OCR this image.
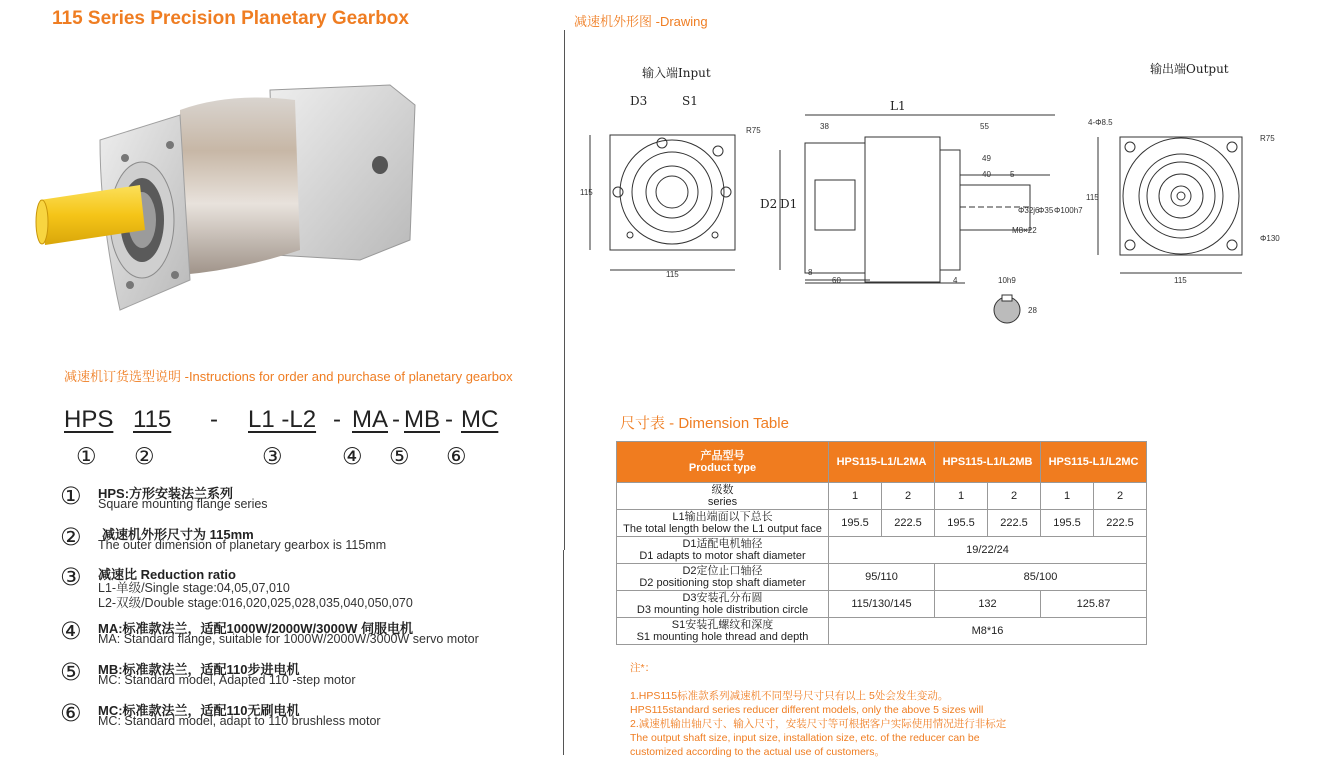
115 Series Precision Planetary Gearbox	减速机外形图 -Drawing
输入端Input	输出端Output
D3	S1
R75
115
115
L1
38	55
49
40 5
D2 D1	Φ32j6
Φ35 Φ100h7
M8×22
8
60	4	10h9
28
4-Φ8.5
R75
Φ130
115
115
减速机订货选型说明 -Instructions for order and purchase of planetary gearbox
HPS 115 - L1 -L2 - MA - MB - MC
① ②	③	④ ⑤ ⑥
① HPS:方形安装法兰系列
Square mounting flange series
② 减速机外形尺寸为 115mm
The outer dimension of planetary gearbox is 115mm
③ 减速比 Reduction ratio
L1-单级/Single stage:04,05,07,010
L2-双级/Double stage:016,020,025,028,035,040,050,070
④ MA:标准款法兰，适配1000W/2000W/3000W 伺服电机
MA: Standard flange, suitable for 1000W/2000W/3000W servo motor
⑤ MB:标准款法兰，适配110步进电机
MC: Standard model, Adapted 110 -step motor
⑥ MC:标准款法兰，适配110无刷电机
MC: Standard model, adapt to 110 brushless motor
尺寸表 - Dimension Table
产品型号
Product type	HPS115-L1/L2MA		HPS115-L1/L2MB		HPS115-L1/L2MC	
级数
series	1	2	1	2	1	2
L1输出端面以下总长
The total length below the L1 output face	195.5	222.5	195.5	222.5	195.5	222.5
D1适配电机轴径
D1 adapts to motor shaft diameter	19/22/24					
D2定位止口轴径
D2 positioning stop shaft diameter	95/110		85/100			
D3安装孔分布圆
D3 mounting hole distribution circle	115/130/145		132		125.87	
S1安装孔螺纹和深度
S1 mounting hole thread and depth	M8*16					
注*：
1.HPS115标准款系列减速机不同型号尺寸只有以上 5处会发生变动。
HPS115standard series reducer different models, only the above 5 sizes will
2.减速机输出轴尺寸、输入尺寸，安装尺寸等可根据客户实际使用情况进行非标定
The output shaft size, input size, installation size, etc. of the reducer can be
customized according to the actual use of customers。
